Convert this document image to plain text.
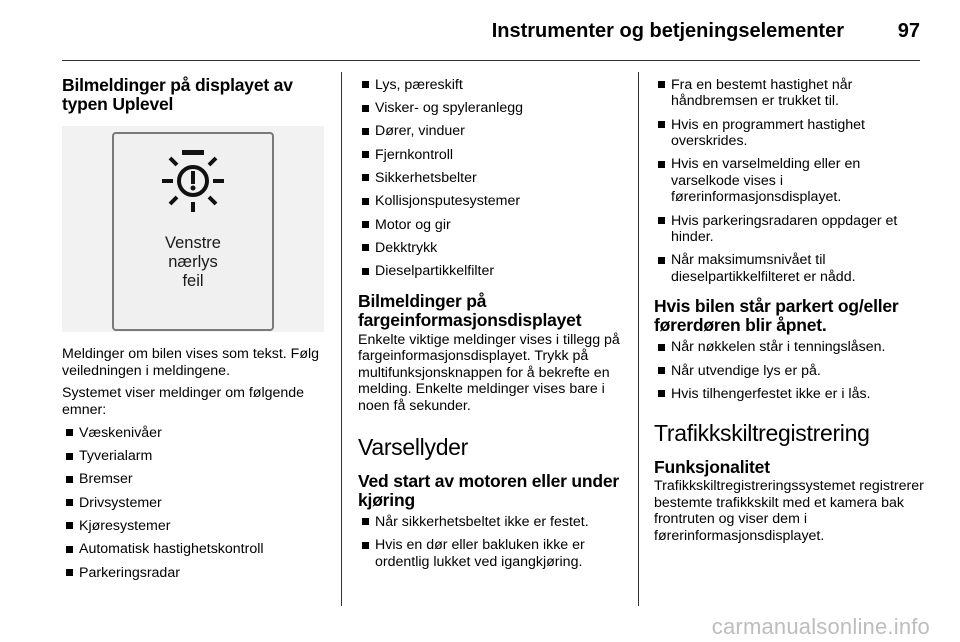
Instrumenter og betjeningselementer	97
Bilmeldinger på displayet av typen Uplevel
Venstre
nærlys
feil

Meldinger om bilen vises som tekst. Følg veiledningen i meldingene.

Systemet viser meldinger om følgende emner:

Væskenivåer
Tyverialarm
Bremser
Drivsystemer
Kjøresystemer
Automatisk hastighetskontroll
Parkeringsradar
Lys, pæreskift
Visker- og spyleranlegg
Dører, vinduer
Fjernkontroll
Sikkerhetsbelter
Kollisjonsputesystemer
Motor og gir
Dekktrykk
Dieselpartikkelfilter
Bilmeldinger på fargeinformasjonsdisplayet

Enkelte viktige meldinger vises i tillegg på fargeinformasjonsdisplayet. Trykk på multifunksjonsknappen for å bekrefte en melding. Enkelte meldinger vises bare i noen få sekunder.

Varsellyder
Ved start av motoren eller under kjøring
Når sikkerhetsbeltet ikke er festet.
Hvis en dør eller bakluken ikke er ordentlig lukket ved igangkjøring.
Fra en bestemt hastighet når håndbremsen er trukket til.
Hvis en programmert hastighet overskrides.
Hvis en varselmelding eller en varselkode vises i førerinformasjonsdisplayet.
Hvis parkeringsradaren oppdager et hinder.
Når maksimumsnivået til dieselpartikkelfilteret er nådd.
Hvis bilen står parkert og/eller førerdøren blir åpnet.
Når nøkkelen står i tenningslåsen.
Når utvendige lys er på.
Hvis tilhengerfestet ikke er i lås.
Trafikkskiltregistrering
Funksjonalitet

Trafikkskiltregistreringssystemet registrerer bestemte trafikkskilt med et kamera bak frontruten og viser dem i førerinformasjonsdisplayet.

carmanualsonline.info
